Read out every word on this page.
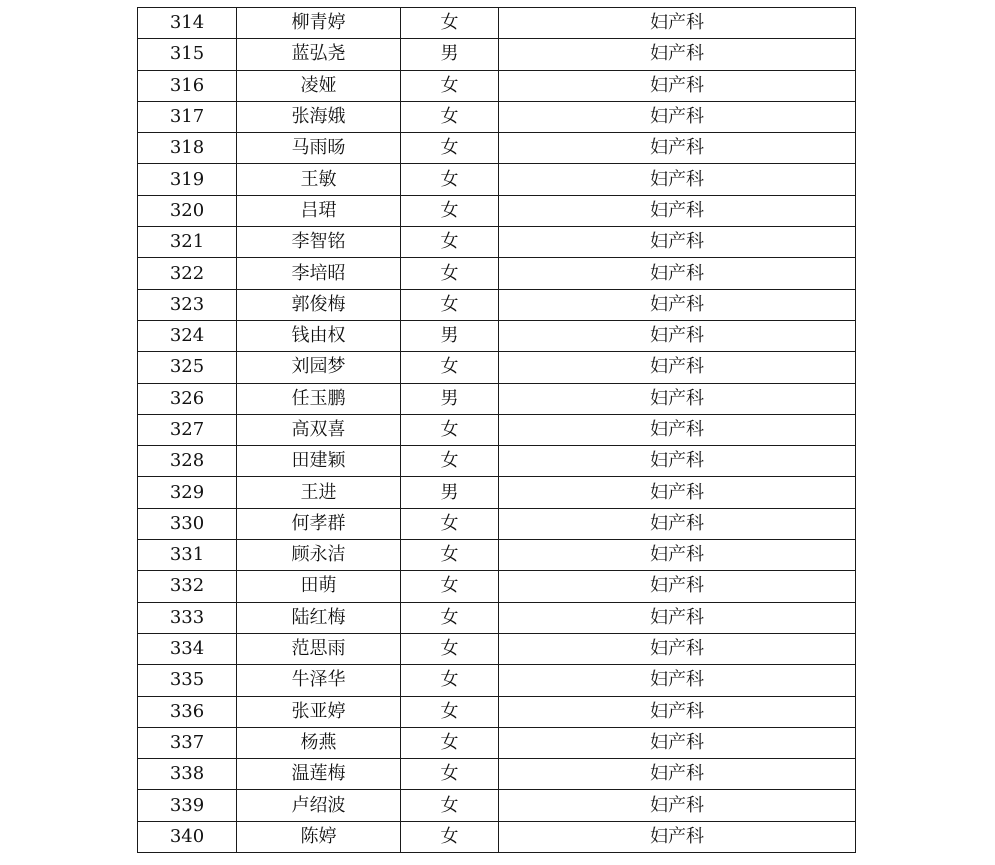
314	柳青婷	女	妇产科
315	蓝弘尧	男	妇产科
316	凌娅	女	妇产科
317	张海娥	女	妇产科
318	马雨旸	女	妇产科
319	王敏	女	妇产科
320	吕珺	女	妇产科
321	李智铭	女	妇产科
322	李培昭	女	妇产科
323	郭俊梅	女	妇产科
324	钱由权	男	妇产科
325	刘园梦	女	妇产科
326	任玉鹏	男	妇产科
327	高双喜	女	妇产科
328	田建颖	女	妇产科
329	王进	男	妇产科
330	何孝群	女	妇产科
331	顾永洁	女	妇产科
332	田萌	女	妇产科
333	陆红梅	女	妇产科
334	范思雨	女	妇产科
335	牛泽华	女	妇产科
336	张亚婷	女	妇产科
337	杨燕	女	妇产科
338	温莲梅	女	妇产科
339	卢绍波	女	妇产科
340	陈婷	女	妇产科
